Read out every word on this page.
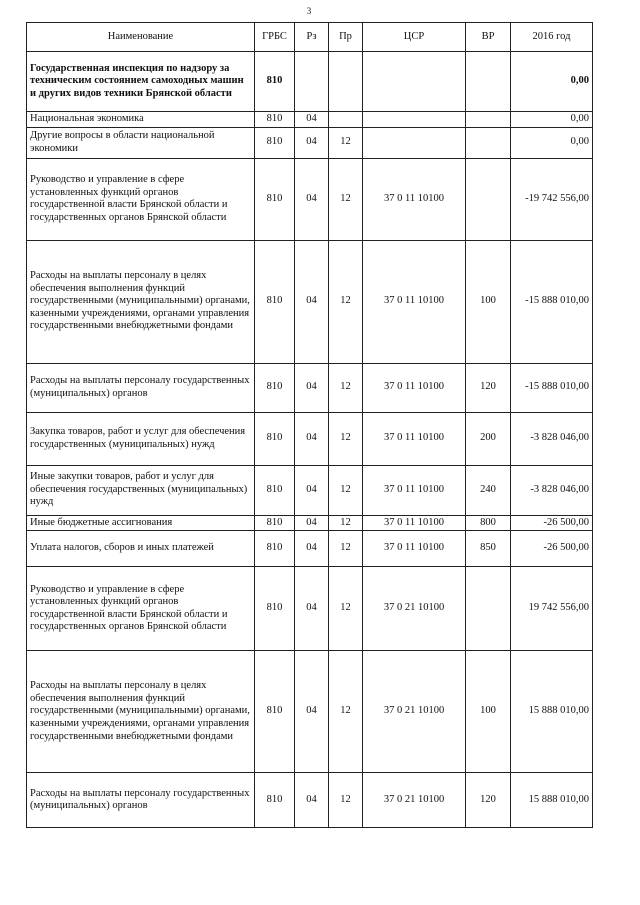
3
Наименование	ГРБС	Рз	Пр	ЦСР	ВР	2016 год
Государственная инспекция по надзору за техническим состоянием самоходных машин и других видов техники Брянской области	810					0,00
Национальная экономика	810	04				0,00
Другие вопросы в области национальной экономики	810	04	12			0,00
Руководство и управление в сфере установленных функций органов государственной власти Брянской области и государственных органов Брянской области	810	04	12	37 0 11 10100		-19 742 556,00
Расходы на выплаты персоналу в целях обеспечения выполнения функций государственными (муниципальными) органами, казенными учреждениями, органами управления государственными внебюджетными фондами	810	04	12	37 0 11 10100	100	-15 888 010,00
Расходы на выплаты персоналу государственных (муниципальных) органов	810	04	12	37 0 11 10100	120	-15 888 010,00
Закупка товаров, работ и услуг для обеспечения государственных (муниципальных) нужд	810	04	12	37 0 11 10100	200	-3 828 046,00
Иные закупки товаров, работ и услуг для обеспечения государственных (муниципальных) нужд	810	04	12	37 0 11 10100	240	-3 828 046,00
Иные бюджетные ассигнования	810	04	12	37 0 11 10100	800	-26 500,00
Уплата налогов, сборов и иных платежей	810	04	12	37 0 11 10100	850	-26 500,00
Руководство и управление в сфере установленных функций органов государственной власти Брянской области и государственных органов Брянской области	810	04	12	37 0 21 10100		19 742 556,00
Расходы на выплаты персоналу в целях обеспечения выполнения функций государственными (муниципальными) органами, казенными учреждениями, органами управления государственными внебюджетными фондами	810	04	12	37 0 21 10100	100	15 888 010,00
Расходы на выплаты персоналу государственных (муниципальных) органов	810	04	12	37 0 21 10100	120	15 888 010,00
